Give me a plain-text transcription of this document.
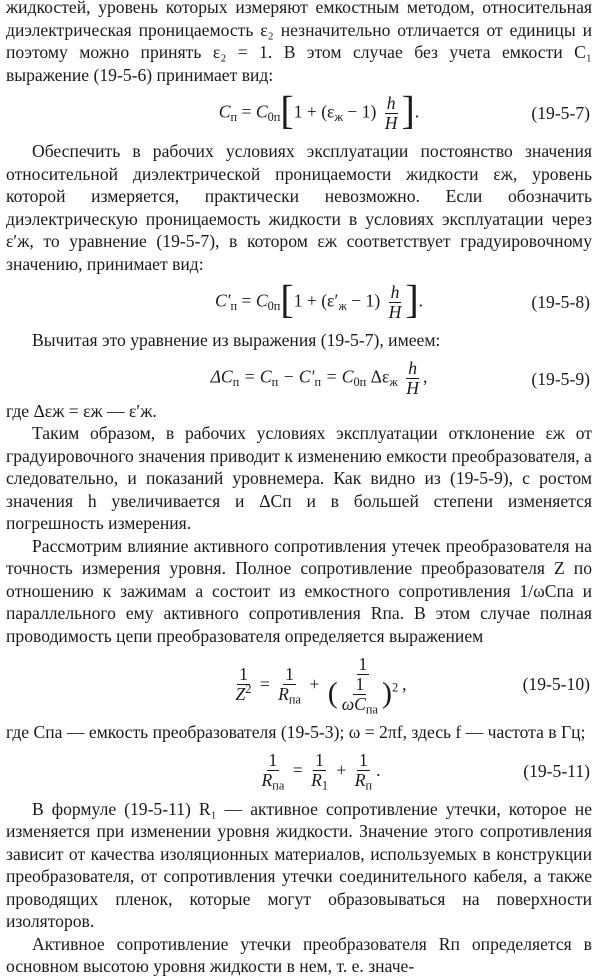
жидкостей, уровень которых измеряют емкостным методом, относительная диэлектрическая проницаемость ε₂ незначительно отличается от единицы и поэтому можно принять ε₂ = 1. В этом случае без учета емкости C₁ выражение (19-5-6) принимает вид:

$C_п = C_{0п}[1 + (\varepsilon_ж - 1) \frac{h}{H}$ ].	(19-5-7)

Обеспечить в рабочих условиях эксплуатации постоянство значения относительной диэлектрической проницаемости жидкости εж, уровень которой измеряется, практически невозможно. Если обозначить диэлектрическую проницаемость жидкости в условиях эксплуатации через ε′ж, то уравнение (19-5-7), в котором εж соответствует градуировочному значению, принимает вид:

$C'_п = C_{0п}[1 + (\varepsilon'_ж - 1) \frac{h}{H}$ ].	(19-5-8)

Вычитая это уравнение из выражения (19-5-7), имеем:

$\Delta C_п = C_п - C'_п = C_{0п}$ $\Delta\varepsilon_ж \frac{h}{H}$ ,	(19-5-9)

где Δεж = εж — ε′ж.

Таким образом, в рабочих условиях эксплуатации отклонение εж от градуировочного значения приводит к изменению емкости преобразователя, а следовательно, и показаний уровнемера. Как видно из (19-5-9), с ростом значения h увеличивается и ΔCп и в большей степени изменяется погрешность измерения.

Рассмотрим влияние активного сопротивления утечек преобразователя на точность измерения уровня. Полное сопротивление преобразователя Z по отношению к зажимам a состоит из емкостного сопротивления 1/ωCпa и параллельного ему активного сопротивления Rпa. В этом случае полная проводимость цепи преобразователя определяется выражением

$\frac{1}{Z^2} = \frac{1}{R_{пa}} + \frac{1}{( \frac{1}{\omega C_{пa}} )^2}$ ,	(19-5-10)

где Cпa — емкость преобразователя (19-5-3); ω = 2πf, здесь f — частота в Гц;

$\frac{1}{R_{пa}} = \frac{1}{R_1} + \frac{1}{R_п}$ .	(19-5-11)

В формуле (19-5-11) R₁ — активное сопротивление утечки, которое не изменяется при изменении уровня жидкости. Значение этого сопротивления зависит от качества изоляционных материалов, используемых в конструкции преобразователя, от сопротивления утечки соединительного кабеля, а также проводящих пленок, которые могут образовываться на поверхности изоляторов.

Активное сопротивление утечки преобразователя Rп определяется в основном высотою уровня жидкости в нем, т. е. значе-
